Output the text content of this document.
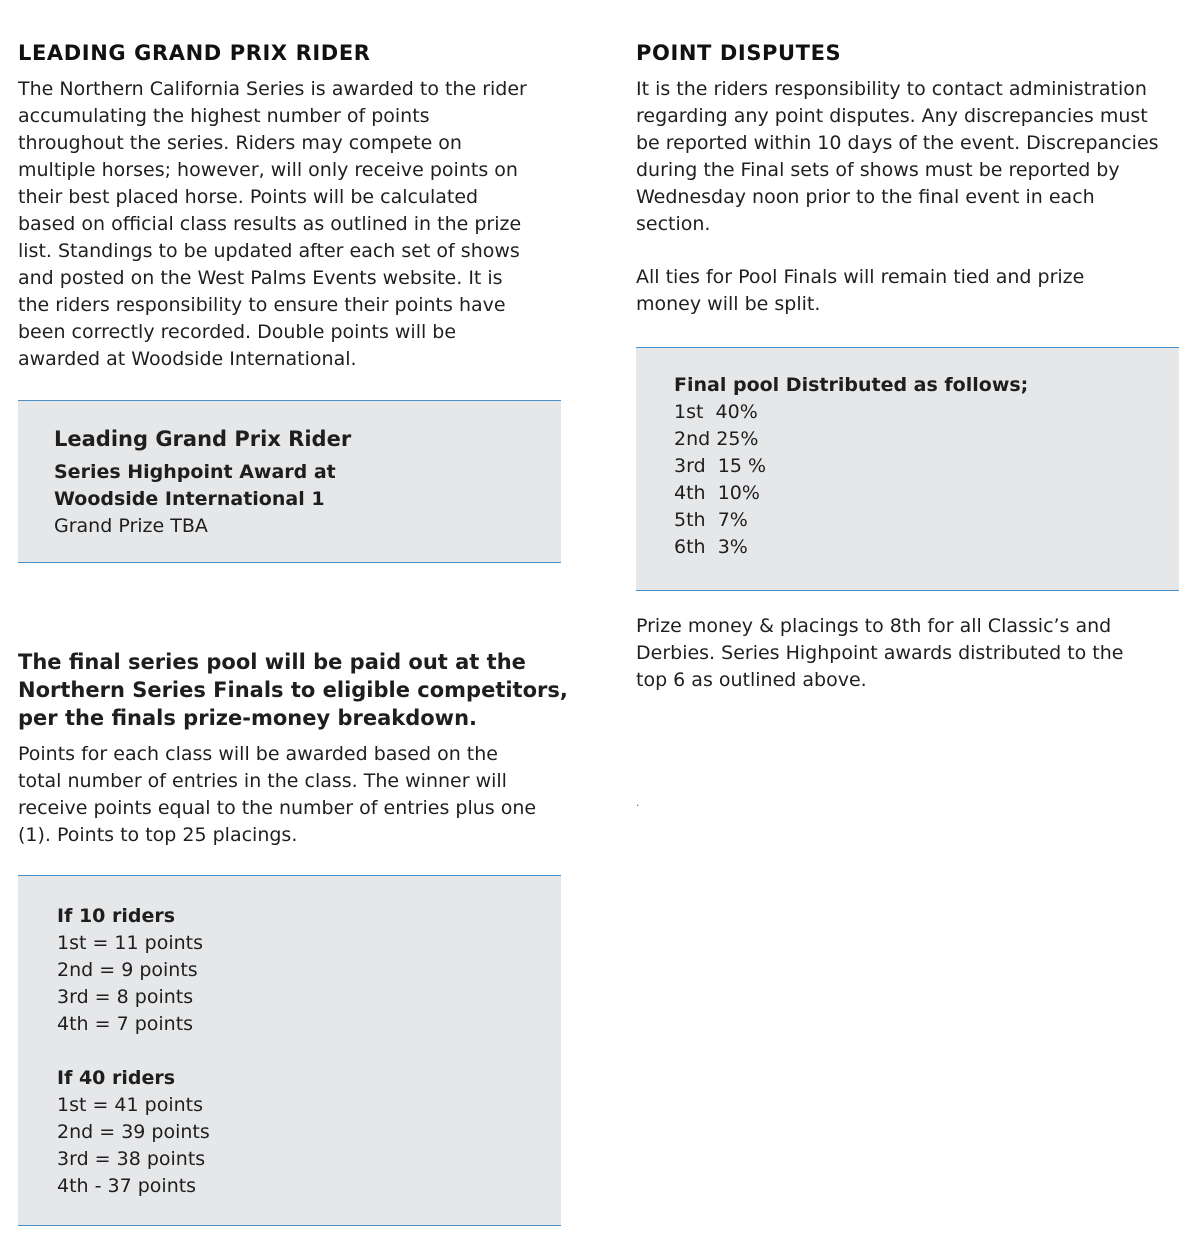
LEADING GRAND PRIX RIDER
The Northern California Series is awarded to the rider
accumulating the highest number of points
throughout the series. Riders may compete on
multiple horses; however, will only receive points on
their best placed horse. Points will be calculated
based on official class results as outlined in the prize
list. Standings to be updated after each set of shows
and posted on the West Palms Events website. It is
the riders responsibility to ensure their points have
been correctly recorded. Double points will be
awarded at Woodside International.
Leading Grand Prix Rider
Series Highpoint Award at
Woodside International 1
Grand Prize TBA
The final series pool will be paid out at the
Northern Series Finals to eligible competitors,
per the finals prize-money breakdown.
Points for each class will be awarded based on the
total number of entries in the class. The winner will
receive points equal to the number of entries plus one
(1). Points to top 25 placings.
If 10 riders
1st = 11 points
2nd = 9 points
3rd = 8 points
4th = 7 points
If 40 riders
1st = 41 points
2nd = 39 points
3rd = 38 points
4th - 37 points
POINT DISPUTES
It is the riders responsibility to contact administration
regarding any point disputes. Any discrepancies must
be reported within 10 days of the event. Discrepancies
during the Final sets of shows must be reported by
Wednesday noon prior to the final event in each
section.
All ties for Pool Finals will remain tied and prize
money will be split.
Final pool Distributed as follows;
1st 40%
2nd 25%
3rd 15 %
4th 10%
5th 7%
6th 3%
Prize money & placings to 8th for all Classic’s and
Derbies. Series Highpoint awards distributed to the
top 6 as outlined above.
.
